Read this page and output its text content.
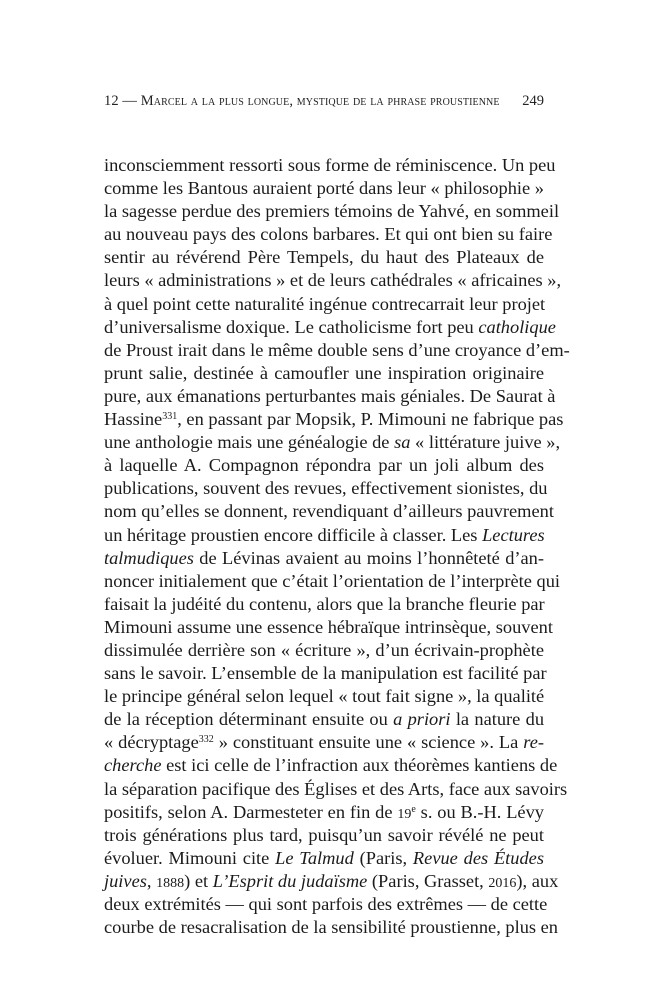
12 — Marcel a la plus longue, mystique de la phrase proustienne 249
inconsciemment ressorti sous forme de réminiscence. Un peu
comme les Bantous auraient porté dans leur « philosophie »
la sagesse perdue des premiers témoins de Yahvé, en sommeil
au nouveau pays des colons barbares. Et qui ont bien su faire
sentir au révérend Père Tempels, du haut des Plateaux de
leurs « administrations » et de leurs cathédrales « africaines »,
à quel point cette naturalité ingénue contrecarrait leur projet
d’universalisme doxique. Le catholicisme fort peu catholique
de Proust irait dans le même double sens d’une croyance d’em-
prunt salie, destinée à camoufler une inspiration originaire
pure, aux émanations perturbantes mais géniales. De Saurat à
Hassine$^{331}$, en passant par Mopsik, P. Mimouni ne fabrique pas
une anthologie mais une généalogie de sa « littérature juive »,
à laquelle A. Compagnon répondra par un joli album des
publications, souvent des revues, effectivement sionistes, du
nom qu’elles se donnent, revendiquant d’ailleurs pauvrement
un héritage proustien encore difficile à classer. Les Lectures
talmudiques de Lévinas avaient au moins l’honnêteté d’an-
noncer initialement que c’était l’orientation de l’interprète qui
faisait la judéité du contenu, alors que la branche fleurie par
Mimouni assume une essence hébraïque intrinsèque, souvent
dissimulée derrière son « écriture », d’un écrivain-prophète
sans le savoir. L’ensemble de la manipulation est facilité par
le principe général selon lequel « tout fait signe », la qualité
de la réception déterminant ensuite ou a priori la nature du
« décryptage$^{332}$ » constituant ensuite une « science ». La re-
cherche est ici celle de l’infraction aux théorèmes kantiens de
la séparation pacifique des Églises et des Arts, face aux savoirs
positifs, selon A. Darmesteter en fin de 19e s. ou B.-H. Lévy
trois générations plus tard, puisqu’un savoir révélé ne peut
évoluer. Mimouni cite Le Talmud (Paris, Revue des Études
juives, 1888) et L’Esprit du judaïsme (Paris, Grasset, 2016), aux
deux extrémités — qui sont parfois des extrêmes — de cette
courbe de resacralisation de la sensibilité proustienne, plus en
